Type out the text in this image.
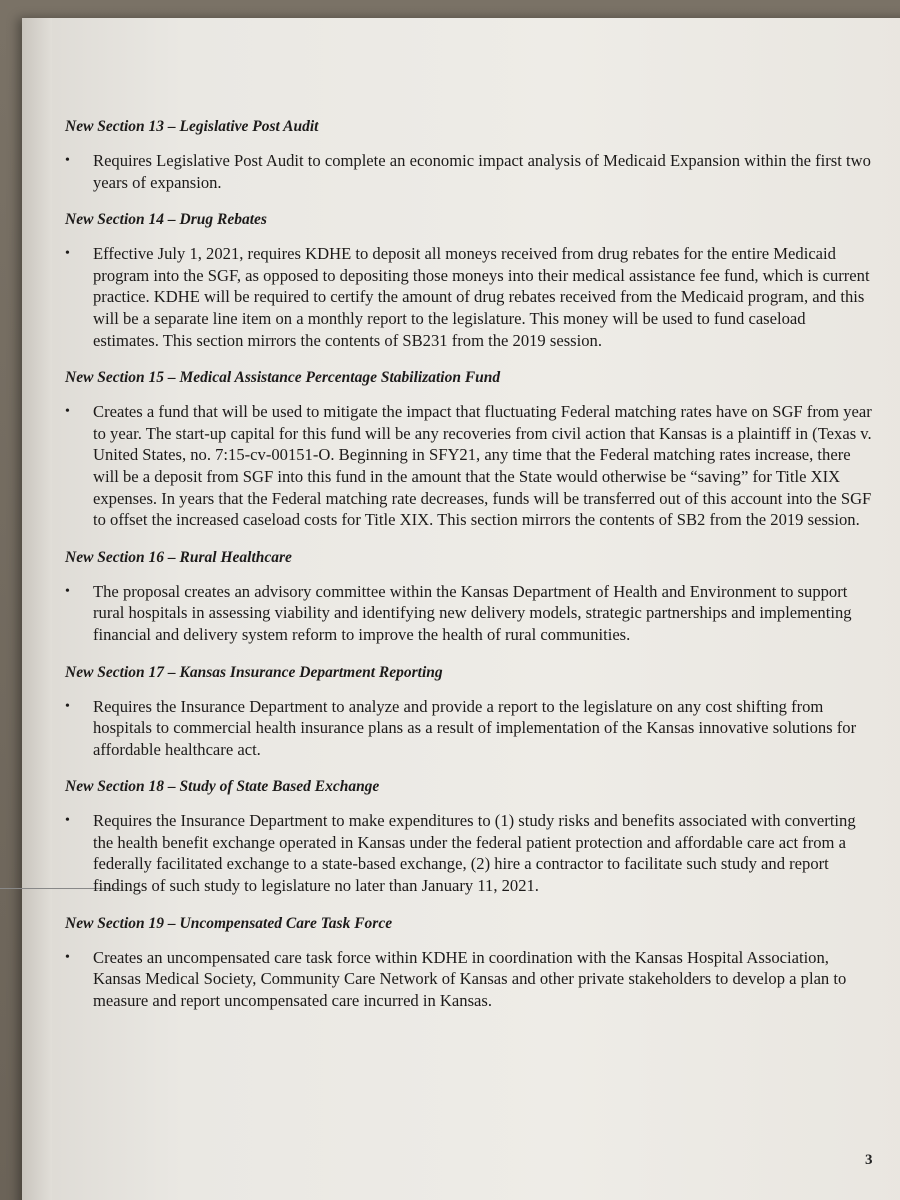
New Section 13 – Legislative Post Audit
•	Requires Legislative Post Audit to complete an economic impact analysis of Medicaid Expansion within the first two years of expansion.
New Section 14 – Drug Rebates
•	Effective July 1, 2021, requires KDHE to deposit all moneys received from drug rebates for the entire Medicaid program into the SGF, as opposed to depositing those moneys into their medical assistance fee fund, which is current practice. KDHE will be required to certify the amount of drug rebates received from the Medicaid program, and this will be a separate line item on a monthly report to the legislature. This money will be used to fund caseload estimates. This section mirrors the contents of SB231 from the 2019 session.
New Section 15 – Medical Assistance Percentage Stabilization Fund
•	Creates a fund that will be used to mitigate the impact that fluctuating Federal matching rates have on SGF from year to year. The start-up capital for this fund will be any recoveries from civil action that Kansas is a plaintiff in (Texas v. United States, no. 7:15-cv-00151-O. Beginning in SFY21, any time that the Federal matching rates increase, there will be a deposit from SGF into this fund in the amount that the State would otherwise be “saving” for Title XIX expenses. In years that the Federal matching rate decreases, funds will be transferred out of this account into the SGF to offset the increased caseload costs for Title XIX. This section mirrors the contents of SB2 from the 2019 session.
New Section 16 – Rural Healthcare
•	The proposal creates an advisory committee within the Kansas Department of Health and Environment to support rural hospitals in assessing viability and identifying new delivery models, strategic partnerships and implementing financial and delivery system reform to improve the health of rural communities.
New Section 17 – Kansas Insurance Department Reporting
•	Requires the Insurance Department to analyze and provide a report to the legislature on any cost shifting from hospitals to commercial health insurance plans as a result of implementation of the Kansas innovative solutions for affordable healthcare act.
New Section 18 – Study of State Based Exchange
•	Requires the Insurance Department to make expenditures to (1) study risks and benefits associated with converting the health benefit exchange operated in Kansas under the federal patient protection and affordable care act from a federally facilitated exchange to a state-based exchange, (2) hire a contractor to facilitate such study and report findings of such study to legislature no later than January 11, 2021.
New Section 19 – Uncompensated Care Task Force
•	Creates an uncompensated care task force within KDHE in coordination with the Kansas Hospital Association, Kansas Medical Society, Community Care Network of Kansas and other private stakeholders to develop a plan to measure and report uncompensated care incurred in Kansas.
3
